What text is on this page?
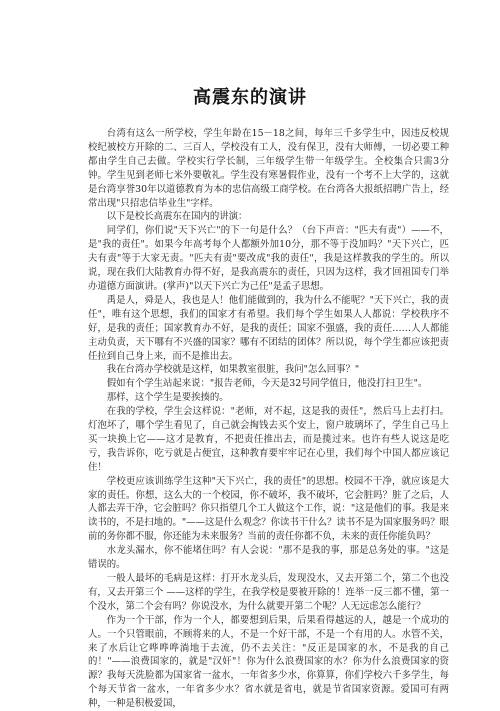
高震东的演讲

台湾有这么一所学校，学生年龄在15－18之间，每年三千多学生中，因违反校规校纪被校方开除的二、三百人，学校没有工人，没有保卫，没有大师傅，一切必要工种都由学生自己去做。学校实行学长制，三年级学生带一年级学生。全校集合只需3分钟。学生见到老师七米外要敬礼。学生没有寒暑假作业，没有一个考不上大学的，这就是台湾享誉30年以道德教育为本的忠信高级工商学校。在台湾各大报纸招聘广告上，经常出现"只招忠信毕业生"字样。

以下是校长高震东在国内的讲演：

同学们，你们说"天下兴亡"的下一句是什么？（台下声音："匹夫有责"）——不，是"我的责任"。如果今年高考每个人都额外加10分，那不等于没加吗？"天下兴亡，匹夫有责"等于大家无责。"匹夫有责"要改成"我的责任"，我是这样教我的学生的。所以说，现在我们大陆教育办得不好，是我高震东的责任，只因为这样，我才回祖国专门举办道德方面演讲。(掌声)"以天下兴亡为己任"是孟子思想。

禹是人，舜是人，我也是人！他们能做到的，我为什么不能呢？"天下兴亡，我的责任"，唯有这个思想，我们的国家才有希望。我们每个学生如果人人都说：学校秩序不好，是我的责任；国家教育办不好，是我的责任；国家不强盛，我的责任……人人都能主动负责，天下哪有不兴盛的国家？哪有不团结的团体？所以说，每个学生都应该把责任拉到自己身上来，而不是推出去。

我在台湾办学校就是这样，如果教室很脏，我问"怎么回事？"

假如有个学生站起来说："报告老师，今天是32号同学值日，他没打扫卫生"。

那样，这个学生是要挨揍的。

在我的学校，学生会这样说："老师，对不起，这是我的责任"，然后马上去打扫。灯泡坏了，哪个学生看见了，自己就会掏钱去买个安上，窗户玻璃坏了，学生自己马上买一块换上它——这才是教育，不把责任推出去，而是揽过来。也许有些人说这是吃亏，我告诉你，吃亏就是占便宜，这种教育要牢牢记在心里，我们每个中国人都应该记住！

学校更应该训练学生这种"天下兴亡，我的责任"的思想。校园不干净，就应该是大家的责任。你想，这么大的一个校园，你不破坏，我不破坏，它会脏吗？脏了之后，人人都去弄干净，它会脏吗？你只指望几个工人做这个工作，说："这是他们的事。我是来读书的，不是扫地的。"——这是什么观念？你读书干什么？读书不是为国家服务吗？眼前的务你都不服，你还能为未来服务？当前的责任你都不负，未来的责任你能负吗？

水龙头漏水，你不能堵住吗？有人会说："那不是我的事，那是总务处的事。"这是错误的。

一般人最坏的毛病是这样：打开水龙头后，发现没水，又去开第二个，第二个也没有，又去开第三个 ——这样的学生，在我学校是要被开除的！连举一反三都不懂，第一个没水，第二个会有吗？你说没水，为什么就要开第二个呢？人无远虑怎么能行？

作为一个干部，作为一个人，都要想到后果，后果看得越远的人，越是一个成功的人。一个只管眼前，不顾将来的人，不是一个好干部，不是一个有用的人。水管不关，来了水后让它哗哗哗淌地于去流，仍不去关注："反正是国家的水，不是我的自己的！"——浪费国家的，就是"汉奸"！你为什么浪费国家的水？你为什么浪费国家的资源？我每天洗脸都为国家省一盆水，一年省多少水，你算算，你们学校六千多学生，每个每天节省一盆水，一年省多少水？省水就是省电，就是节省国家资源。爱国可有两种，一种是积极爱国，
